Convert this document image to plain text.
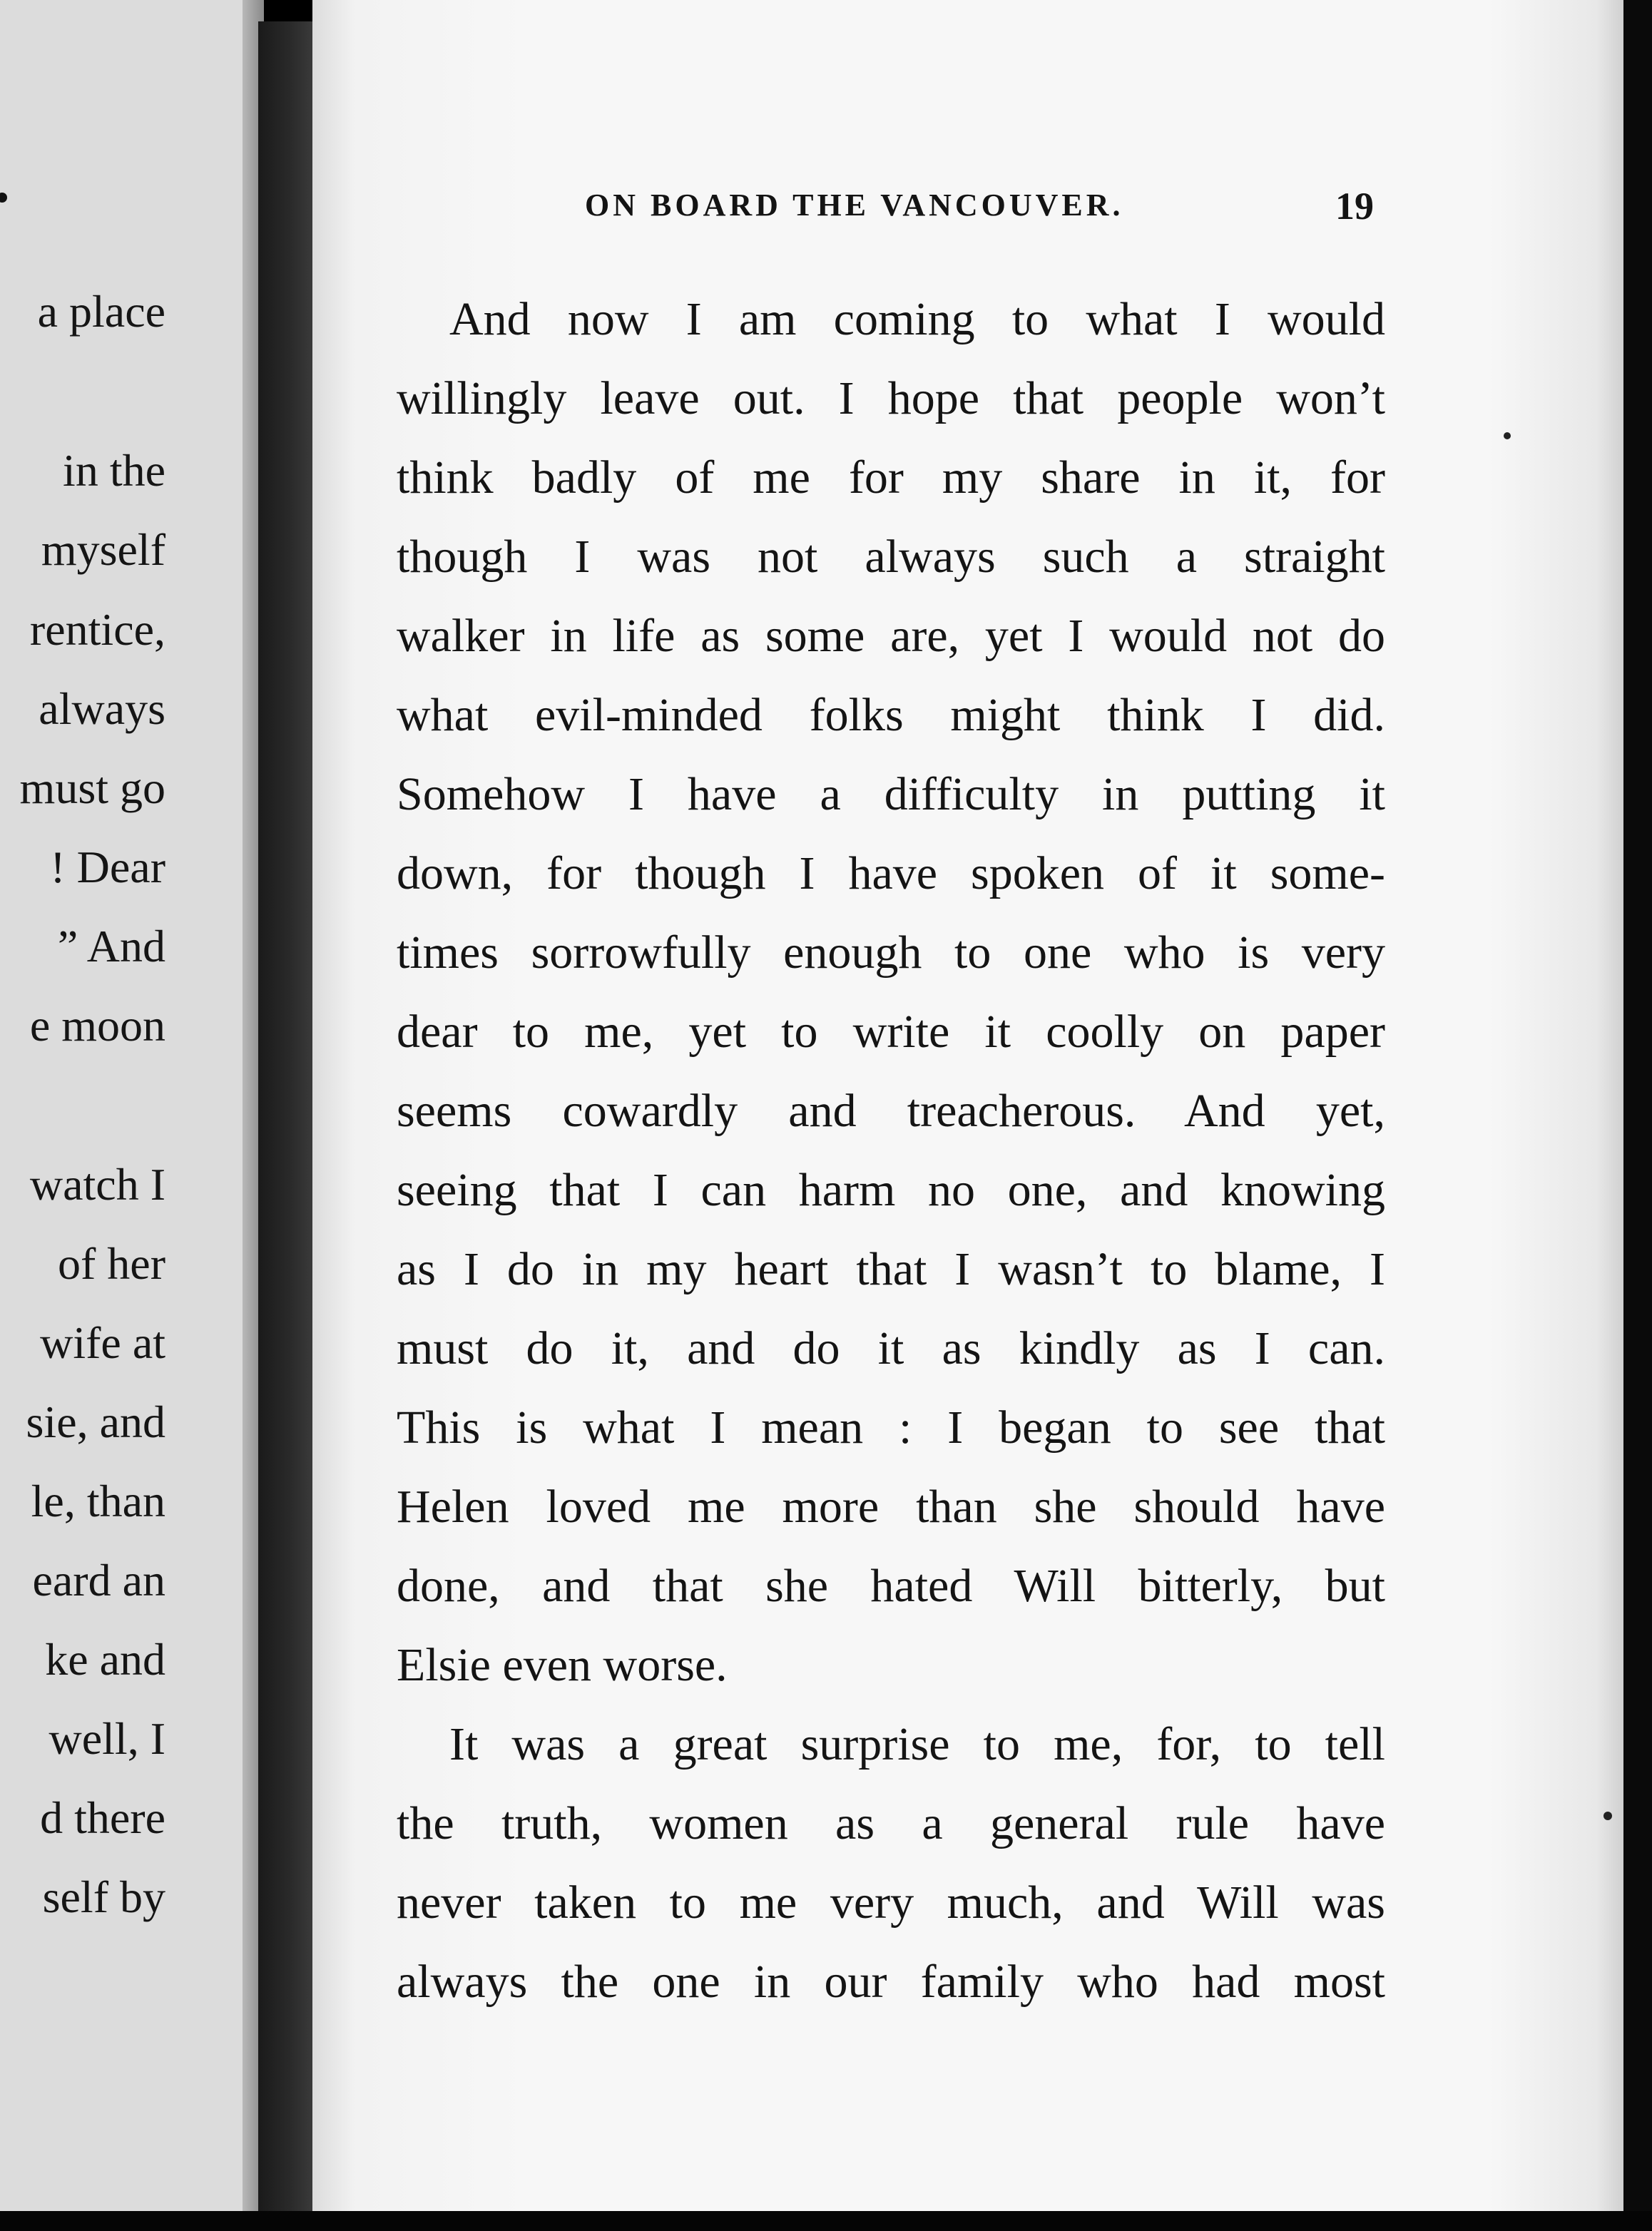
a place
in the
myself
rentice,
always
must go
! Dear
” And
e moon
watch I
of her
wife at
sie, and
le, than
eard an
ke and
well, I
d there
self by
ON BOARD THE VANCOUVER.	19
And now I am coming to what I would
willingly leave out. I hope that people won’t
think badly of me for my share in it, for
though I was not always such a straight
walker in life as some are, yet I would not do
what evil-minded folks might think I did.
Somehow I have a difficulty in putting it
down, for though I have spoken of it some-
times sorrowfully enough to one who is very
dear to me, yet to write it coolly on paper
seems cowardly and treacherous. And yet,
seeing that I can harm no one, and knowing
as I do in my heart that I wasn’t to blame, I
must do it, and do it as kindly as I can.
This is what I mean : I began to see that
Helen loved me more than she should have
done, and that she hated Will bitterly, but
Elsie even worse.
It was a great surprise to me, for, to tell
the truth, women as a general rule have
never taken to me very much, and Will was
always the one in our family who had most
